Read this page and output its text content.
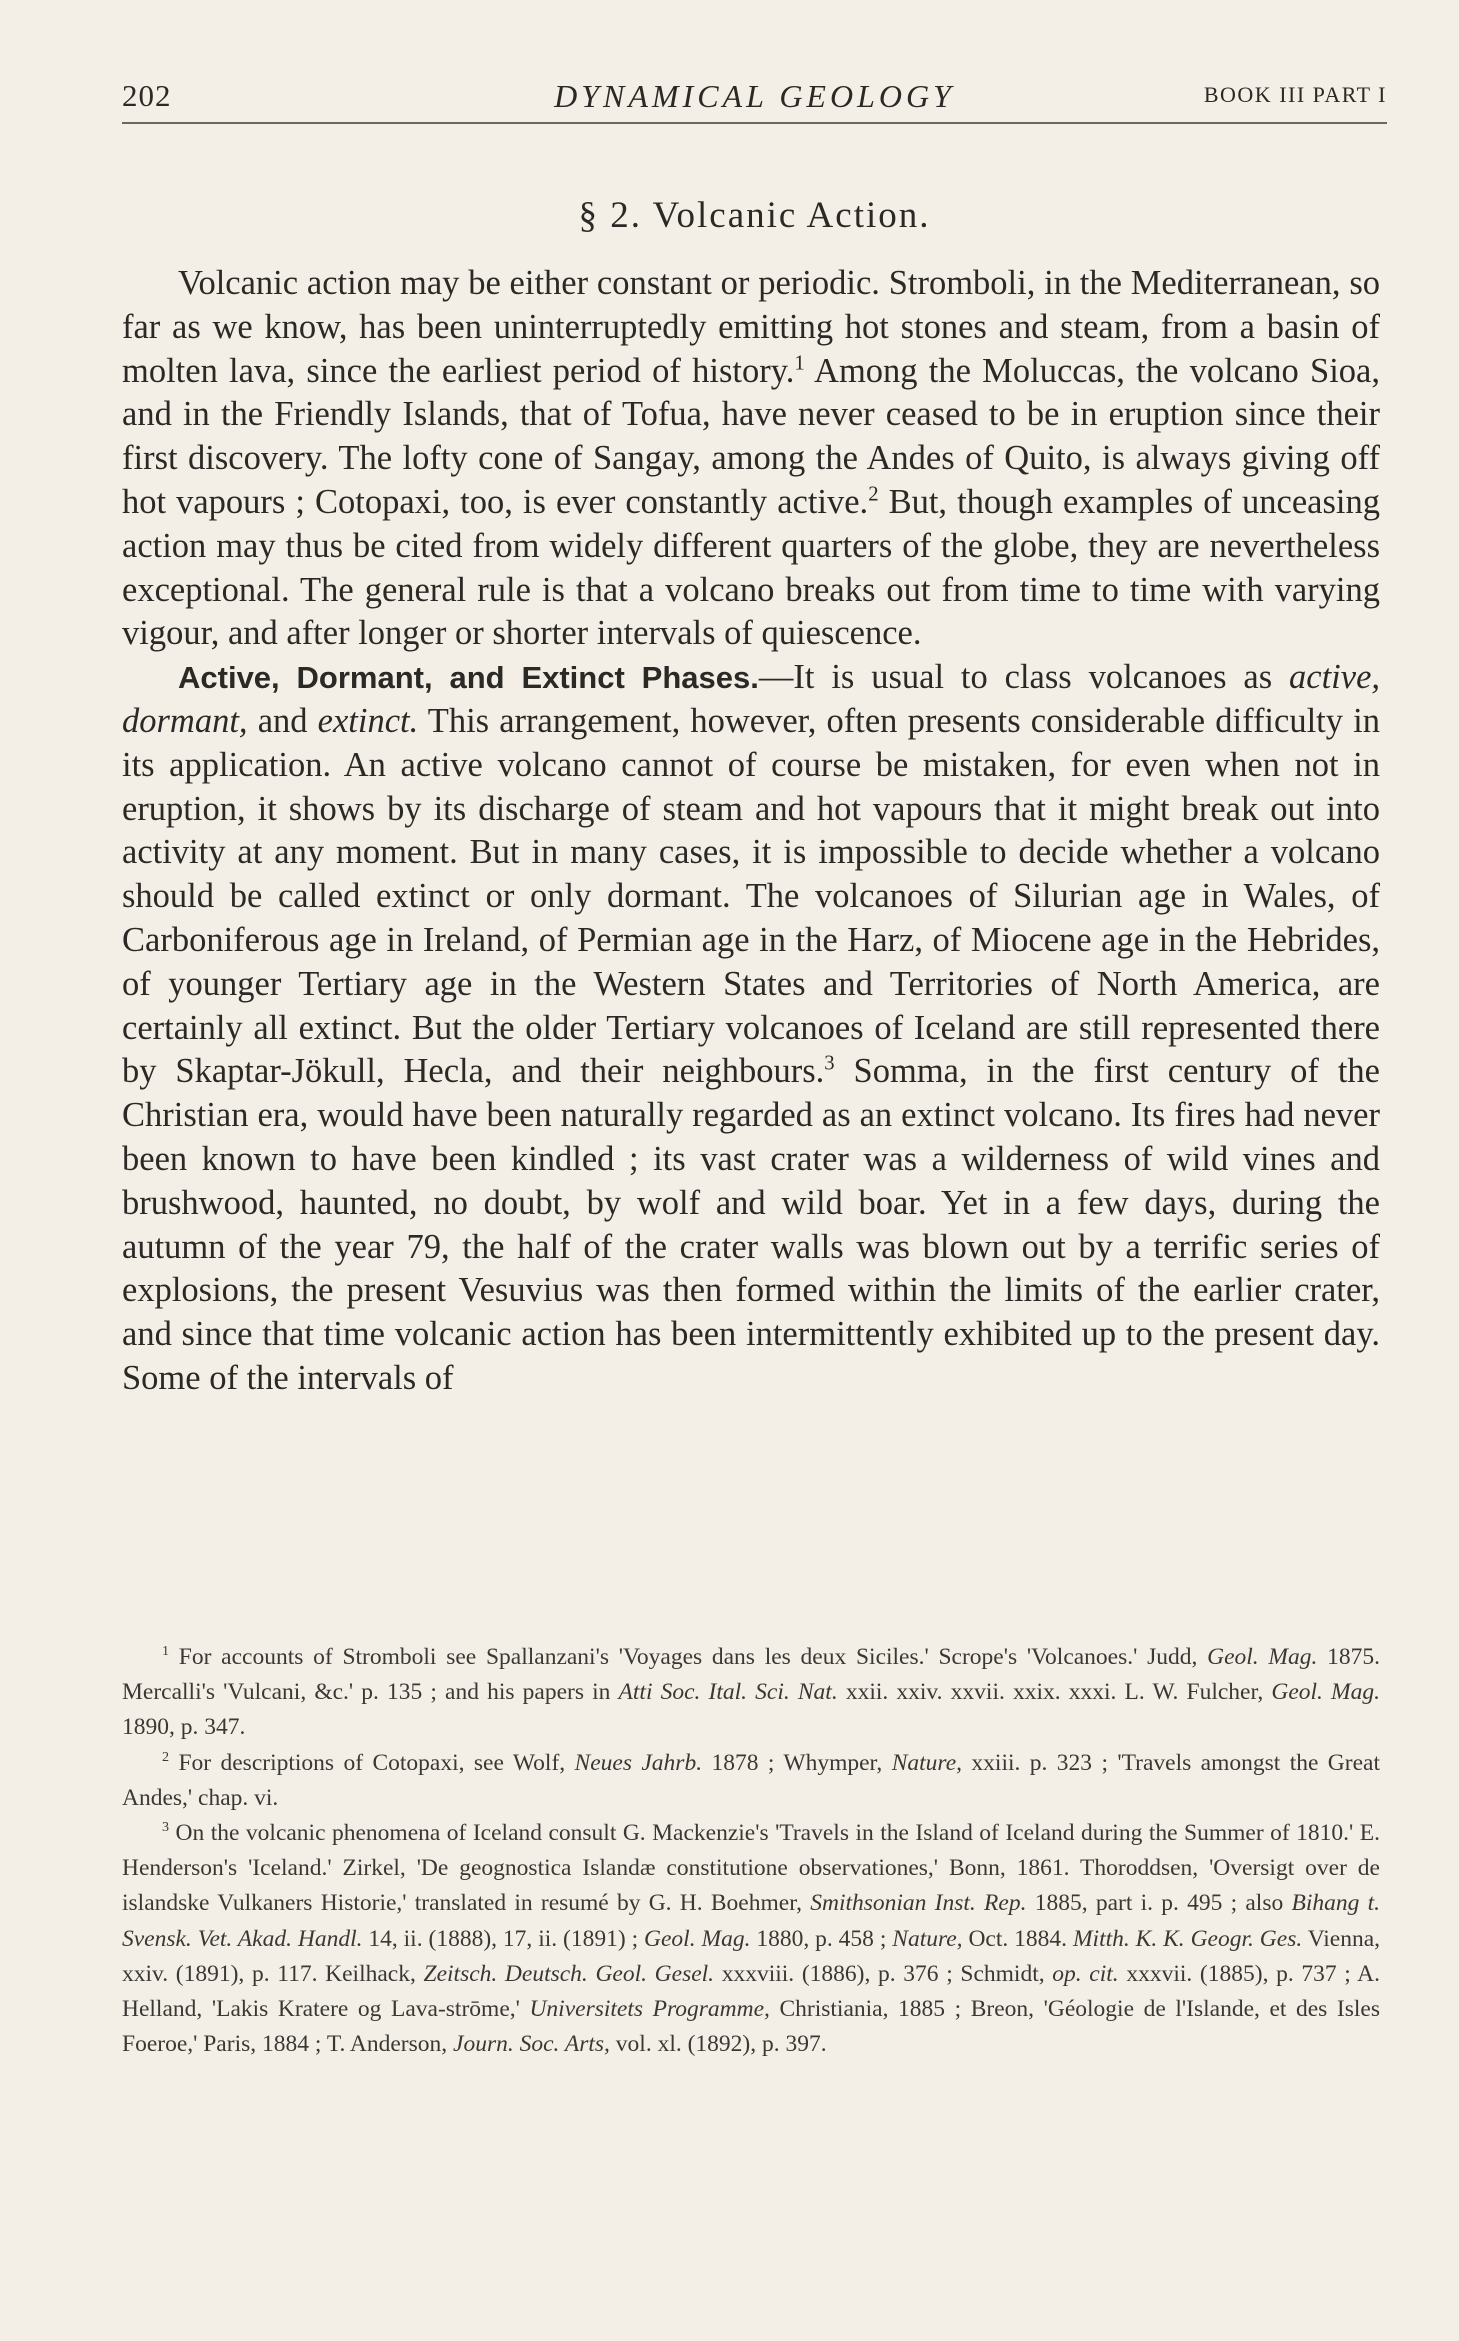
202	DYNAMICAL GEOLOGY	BOOK III PART I
§ 2. Volcanic Action.

Volcanic action may be either constant or periodic. Stromboli, in the Mediterranean, so far as we know, has been uninterruptedly emitting hot stones and steam, from a basin of molten lava, since the earliest period of history.$^1$ Among the Moluccas, the volcano Sioa, and in the Friendly Islands, that of Tofua, have never ceased to be in eruption since their first discovery. The lofty cone of Sangay, among the Andes of Quito, is always giving off hot vapours ; Cotopaxi, too, is ever constantly active.$^2$ But, though examples of unceasing action may thus be cited from widely different quarters of the globe, they are nevertheless exceptional. The general rule is that a volcano breaks out from time to time with varying vigour, and after longer or shorter intervals of quiescence.

Active, Dormant, and Extinct Phases.—It is usual to class volcanoes as active, dormant, and extinct. This arrangement, however, often presents considerable difficulty in its application. An active volcano cannot of course be mistaken, for even when not in eruption, it shows by its discharge of steam and hot vapours that it might break out into activity at any moment. But in many cases, it is impossible to decide whether a volcano should be called extinct or only dormant. The volcanoes of Silurian age in Wales, of Carboniferous age in Ireland, of Permian age in the Harz, of Miocene age in the Hebrides, of younger Tertiary age in the Western States and Territories of North America, are certainly all extinct. But the older Tertiary volcanoes of Iceland are still represented there by Skaptar-Jökull, Hecla, and their neighbours.$^3$ Somma, in the first century of the Christian era, would have been naturally regarded as an extinct volcano. Its fires had never been known to have been kindled ; its vast crater was a wilderness of wild vines and brushwood, haunted, no doubt, by wolf and wild boar. Yet in a few days, during the autumn of the year 79, the half of the crater walls was blown out by a terrific series of explosions, the present Vesuvius was then formed within the limits of the earlier crater, and since that time volcanic action has been intermittently exhibited up to the present day. Some of the intervals of

$^1$ For accounts of Stromboli see Spallanzani's 'Voyages dans les deux Siciles.' Scrope's 'Volcanoes.' Judd, Geol. Mag. 1875. Mercalli's 'Vulcani, &c.' p. 135 ; and his papers in Atti Soc. Ital. Sci. Nat. xxii. xxiv. xxvii. xxix. xxxi. L. W. Fulcher, Geol. Mag. 1890, p. 347.

$^2$ For descriptions of Cotopaxi, see Wolf, Neues Jahrb. 1878 ; Whymper, Nature, xxiii. p. 323 ; 'Travels amongst the Great Andes,' chap. vi.

$^3$ On the volcanic phenomena of Iceland consult G. Mackenzie's 'Travels in the Island of Iceland during the Summer of 1810.' E. Henderson's 'Iceland.' Zirkel, 'De geognostica Islandæ constitutione observationes,' Bonn, 1861. Thoroddsen, 'Oversigt over de islandske Vulkaners Historie,' translated in resumé by G. H. Boehmer, Smithsonian Inst. Rep. 1885, part i. p. 495 ; also Bihang t. Svensk. Vet. Akad. Handl. 14, ii. (1888), 17, ii. (1891) ; Geol. Mag. 1880, p. 458 ; Nature, Oct. 1884. Mitth. K. K. Geogr. Ges. Vienna, xxiv. (1891), p. 117. Keilhack, Zeitsch. Deutsch. Geol. Gesel. xxxviii. (1886), p. 376 ; Schmidt, op. cit. xxxvii. (1885), p. 737 ; A. Helland, 'Lakis Kratere og Lava-strōme,' Universitets Programme, Christiania, 1885 ; Breon, 'Géologie de l'Islande, et des Isles Foeroe,' Paris, 1884 ; T. Anderson, Journ. Soc. Arts, vol. xl. (1892), p. 397.
